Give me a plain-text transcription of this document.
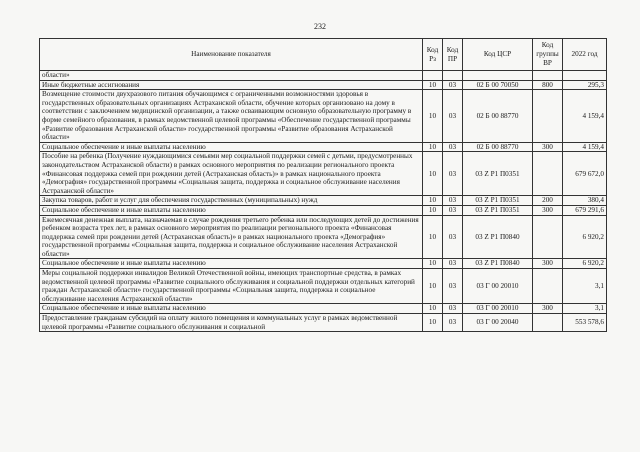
232
Наименование показателя	Код Рз	Код ПР	Код ЦСР	Код группы ВР	2022 год
области»					
Иные бюджетные ассигнования	10	03	02 Б 00 70050	800	295,3
Возмещение стоимости двухразового питания обучающимся с ограниченными возможностями здоровья в государственных образовательных организациях Астраханской области, обучение которых организовано на дому в соответствии с заключением медицинской организации, а также осваивающим основную образовательную программу в форме семейного образования, в рамках ведомственной целевой программы «Обеспечение государственной программы «Развитие образования Астраханской области» государственной программы «Развитие образования Астраханской области»	10	03	02 Б 00 88770		4 159,4
Социальное обеспечение и иные выплаты населению	10	03	02 Б 00 88770	300	4 159,4
Пособие на ребенка (Получение нуждающимися семьями мер социальной поддержки семей с детьми, предусмотренных законодательством Астраханской области) в рамках основного мероприятия по реализации регионального проекта «Финансовая поддержка семей при рождении детей (Астраханская область)» в рамках национального проекта «Демография» государственной программы «Социальная защита, поддержка и социальное обслуживание населения Астраханской области»	10	03	03 Z P1 П0351		679 672,0
Закупка товаров, работ и услуг для обеспечения государственных (муниципальных) нужд	10	03	03 Z P1 П0351	200	380,4
Социальное обеспечение и иные выплаты населению	10	03	03 Z P1 П0351	300	679 291,6
Ежемесячная денежная выплата, назначаемая в случае рождения третьего ребенка или последующих детей до достижения ребенком возраста трех лет, в рамках основного мероприятия по реализации регионального проекта «Финансовая поддержка семей при рождении детей (Астраханская область)» в рамках национального проекта «Демография» государственной программы «Социальная защита, поддержка и социальное обслуживание населения Астраханской области»	10	03	03 Z P1 П0840		6 920,2
Социальное обеспечение и иные выплаты населению	10	03	03 Z P1 П0840	300	6 920,2
Меры социальной поддержки инвалидов Великой Отечественной войны, имеющих транспортные средства, в рамках ведомственной целевой программы «Развитие социального обслуживания и социальной поддержки отдельных категорий граждан Астраханской области» государственной программы «Социальная защита, поддержка и социальное обслуживание населения Астраханской области»	10	03	03 Г 00 20010		3,1
Социальное обеспечение и иные выплаты населению	10	03	03 Г 00 20010	300	3,1
Предоставление гражданам субсидий на оплату жилого помещения и коммунальных услуг в рамках ведомственной целевой программы «Развитие социального обслуживания и социальной	10	03	03 Г 00 20040		553 578,6
